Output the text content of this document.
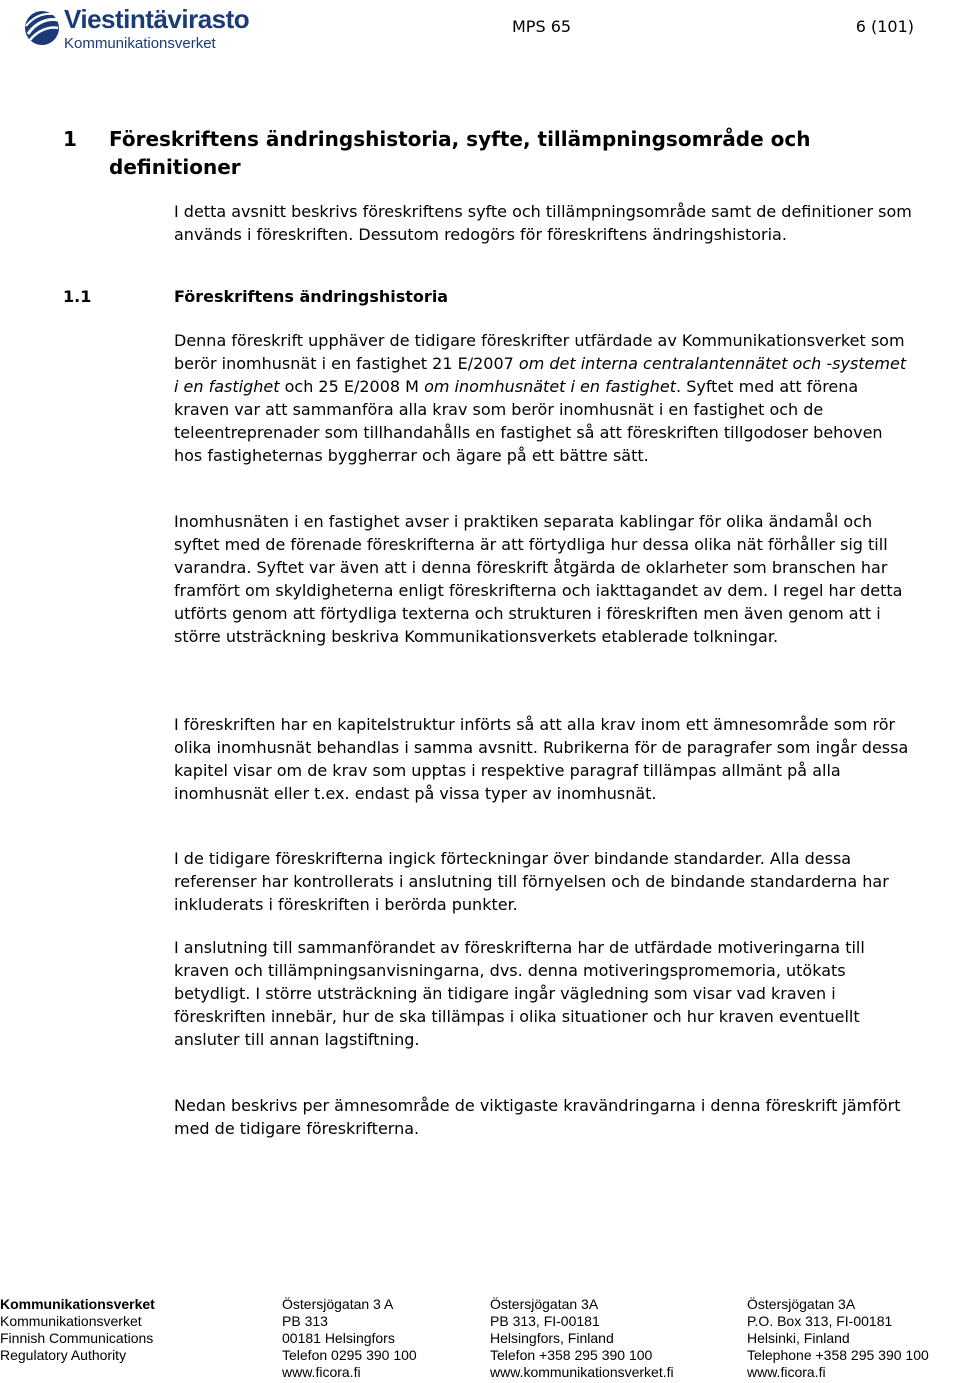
Viestintävirasto
Kommunikationsverket
MPS 65	6 (101)
1	Föreskriftens ändringshistoria, syfte, tillämpningsområde och definitioner

I detta avsnitt beskrivs föreskriftens syfte och tillämpningsområde samt de definitioner som används i föreskriften. Dessutom redogörs för föreskriftens ändringshistoria.

1.1	Föreskriftens ändringshistoria

Denna föreskrift upphäver de tidigare föreskrifter utfärdade av Kommunikationsverket som berör inomhusnät i en fastighet 21 E/2007 om det interna centralantennätet och -systemet i en fastighet och 25 E/2008 M om inomhusnätet i en fastighet. Syftet med att förena kraven var att sammanföra alla krav som berör inomhusnät i en fastighet och de teleentreprenader som tillhandahålls en fastighet så att föreskriften tillgodoser behoven hos fastigheternas byggherrar och ägare på ett bättre sätt.

Inomhusnäten i en fastighet avser i praktiken separata kablingar för olika ändamål och syftet med de förenade föreskrifterna är att förtydliga hur dessa olika nät förhåller sig till varandra. Syftet var även att i denna föreskrift åtgärda de oklarheter som branschen har framfört om skyldigheterna enligt föreskrifterna och iakttagandet av dem. I regel har detta utförts genom att förtydliga texterna och strukturen i föreskriften men även genom att i större utsträckning beskriva Kommunikationsverkets etablerade tolkningar.

I föreskriften har en kapitelstruktur införts så att alla krav inom ett ämnesområde som rör olika inomhusnät behandlas i samma avsnitt. Rubrikerna för de paragrafer som ingår dessa kapitel visar om de krav som upptas i respektive paragraf tillämpas allmänt på alla inomhusnät eller t.ex. endast på vissa typer av inomhusnät.

I de tidigare föreskrifterna ingick förteckningar över bindande standarder. Alla dessa referenser har kontrollerats i anslutning till förnyelsen och de bindande standarderna har inkluderats i föreskriften i berörda punkter.

I anslutning till sammanförandet av föreskrifterna har de utfärdade motiveringarna till kraven och tillämpningsanvisningarna, dvs. denna motiveringspromemoria, utökats betydligt. I större utsträckning än tidigare ingår vägledning som visar vad kraven i föreskriften innebär, hur de ska tillämpas i olika situationer och hur kraven eventuellt ansluter till annan lagstiftning.

Nedan beskrivs per ämnesområde de viktigaste kravändringarna i denna föreskrift jämfört med de tidigare föreskrifterna.

Kommunikationsverket
Kommunikationsverket
Finnish Communications
Regulatory Authority
Östersjögatan 3 A
PB 313
00181 Helsingfors
Telefon 0295 390 100
www.ficora.fi
Östersjögatan 3A
PB 313, FI-00181
Helsingfors, Finland
Telefon +358 295 390 100
www.kommunikationsverket.fi
Östersjögatan 3A
P.O. Box 313, FI-00181
Helsinki, Finland
Telephone +358 295 390 100
www.ficora.fi
